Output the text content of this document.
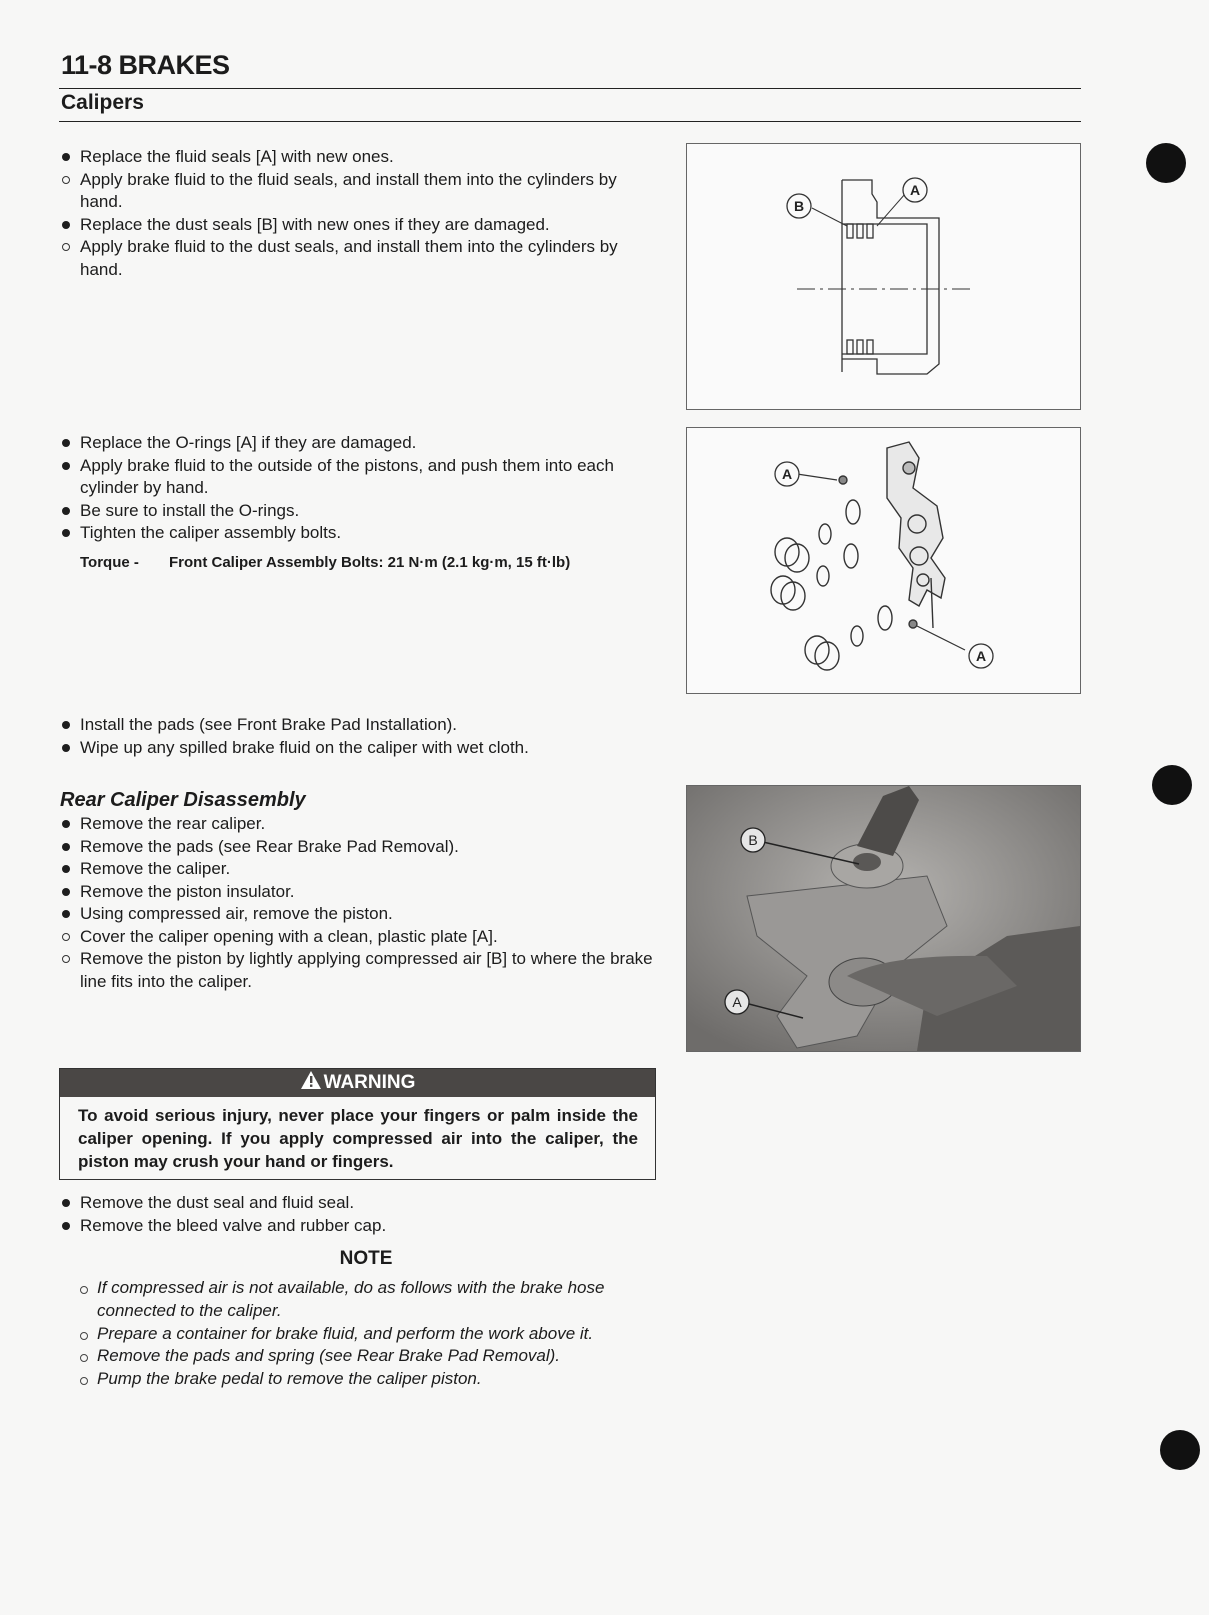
11-8 BRAKES
Calipers
Replace the fluid seals [A] with new ones.
Apply brake fluid to the fluid seals, and install them into the cylinders by hand.
Replace the dust seals [B] with new ones if they are damaged.
Apply brake fluid to the dust seals, and install them into the cylinders by hand.
Replace the O-rings [A] if they are damaged.
Apply brake fluid to the outside of the pistons, and push them into each cylinder by hand.
Be sure to install the O-rings.
Tighten the caliper assembly bolts.
Torque - Front Caliper Assembly Bolts: 21 N·m (2.1 kg·m, 15 ft·lb)
Install the pads (see Front Brake Pad Installation).
Wipe up any spilled brake fluid on the caliper with wet cloth.
Rear Caliper Disassembly
Remove the rear caliper.
Remove the pads (see Rear Brake Pad Removal).
Remove the caliper.
Remove the piston insulator.
Using compressed air, remove the piston.
Cover the caliper opening with a clean, plastic plate [A].
Remove the piston by lightly applying compressed air [B] to where the brake line fits into the caliper.
WARNING
To avoid serious injury, never place your fingers or palm inside the caliper opening. If you apply compressed air into the caliper, the piston may crush your hand or fingers.
Remove the dust seal and fluid seal.
Remove the bleed valve and rubber cap.
NOTE
If compressed air is not available, do as follows with the brake hose connected to the caliper.
Prepare a container for brake fluid, and perform the work above it.
Remove the pads and spring (see Rear Brake Pad Removal).
Pump the brake pedal to remove the caliper piston.
B
A
A
A
B
A
